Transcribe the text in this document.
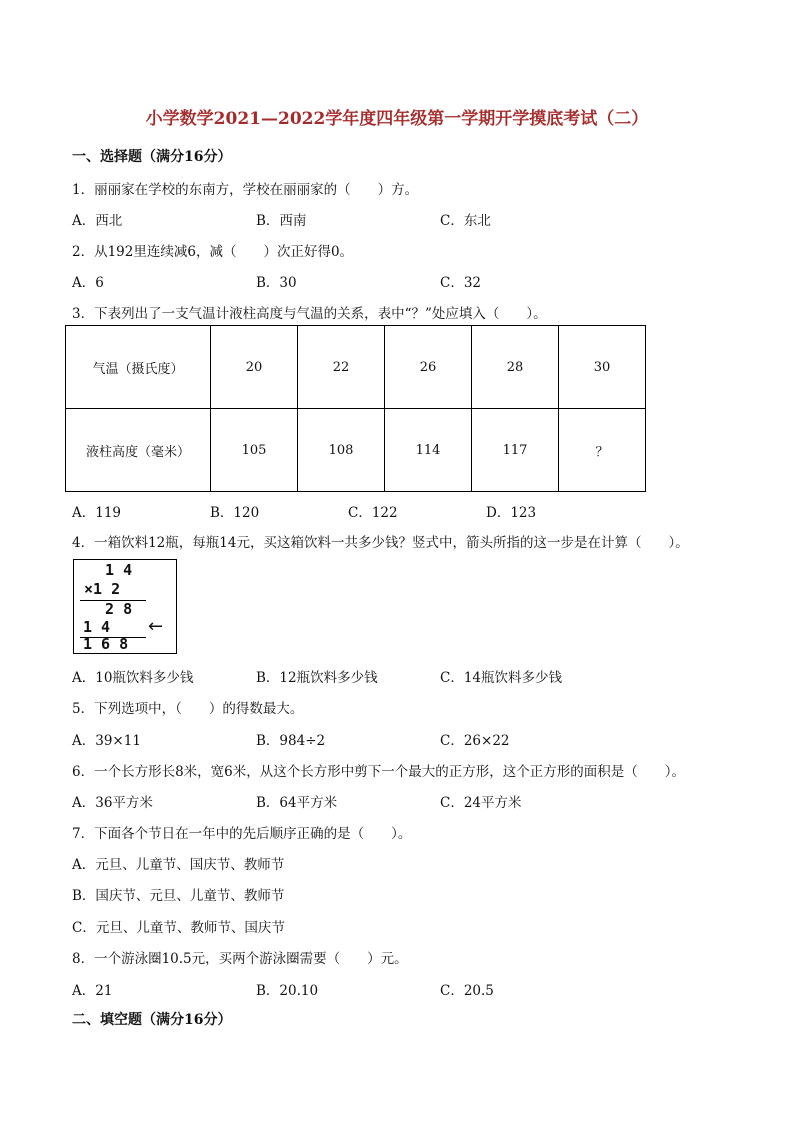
小学数学2021—2022学年度四年级第一学期开学摸底考试（二）
一、选择题（满分16分）
1．丽丽家在学校的东南方，学校在丽丽家的（　　）方。
A．西北	B．西南	C．东北
2．从192里连续减6，减（　　）次正好得0。
A．6	B．30	C．32
3．下表列出了一支气温计液柱高度与气温的关系，表中“？”处应填入（　　）。
气温（摄氏度）	20	22	26	28	30
液柱高度（毫米）	105	108	114	117	？
A．119	B．120	C．122	D．123
4．一箱饮料12瓶，每瓶14元，买这箱饮料一共多少钱？竖式中，箭头所指的这一步是在计算（　　）。
1 4
×1 2
2 8
1 4 ←
1 6 8
A．10瓶饮料多少钱	B．12瓶饮料多少钱	C．14瓶饮料多少钱
5．下列选项中，（　　）的得数最大。
A．39×11	B．984÷2	C．26×22
6．一个长方形长8米，宽6米，从这个长方形中剪下一个最大的正方形，这个正方形的面积是（　　）。
A．36平方米	B．64平方米	C．24平方米
7．下面各个节日在一年中的先后顺序正确的是（　　）。
A．元旦、儿童节、国庆节、教师节
B．国庆节、元旦、儿童节、教师节
C．元旦、儿童节、教师节、国庆节
8．一个游泳圈10.5元，买两个游泳圈需要（　　）元。
A．21	B．20.10	C．20.5
二、填空题（满分16分）
